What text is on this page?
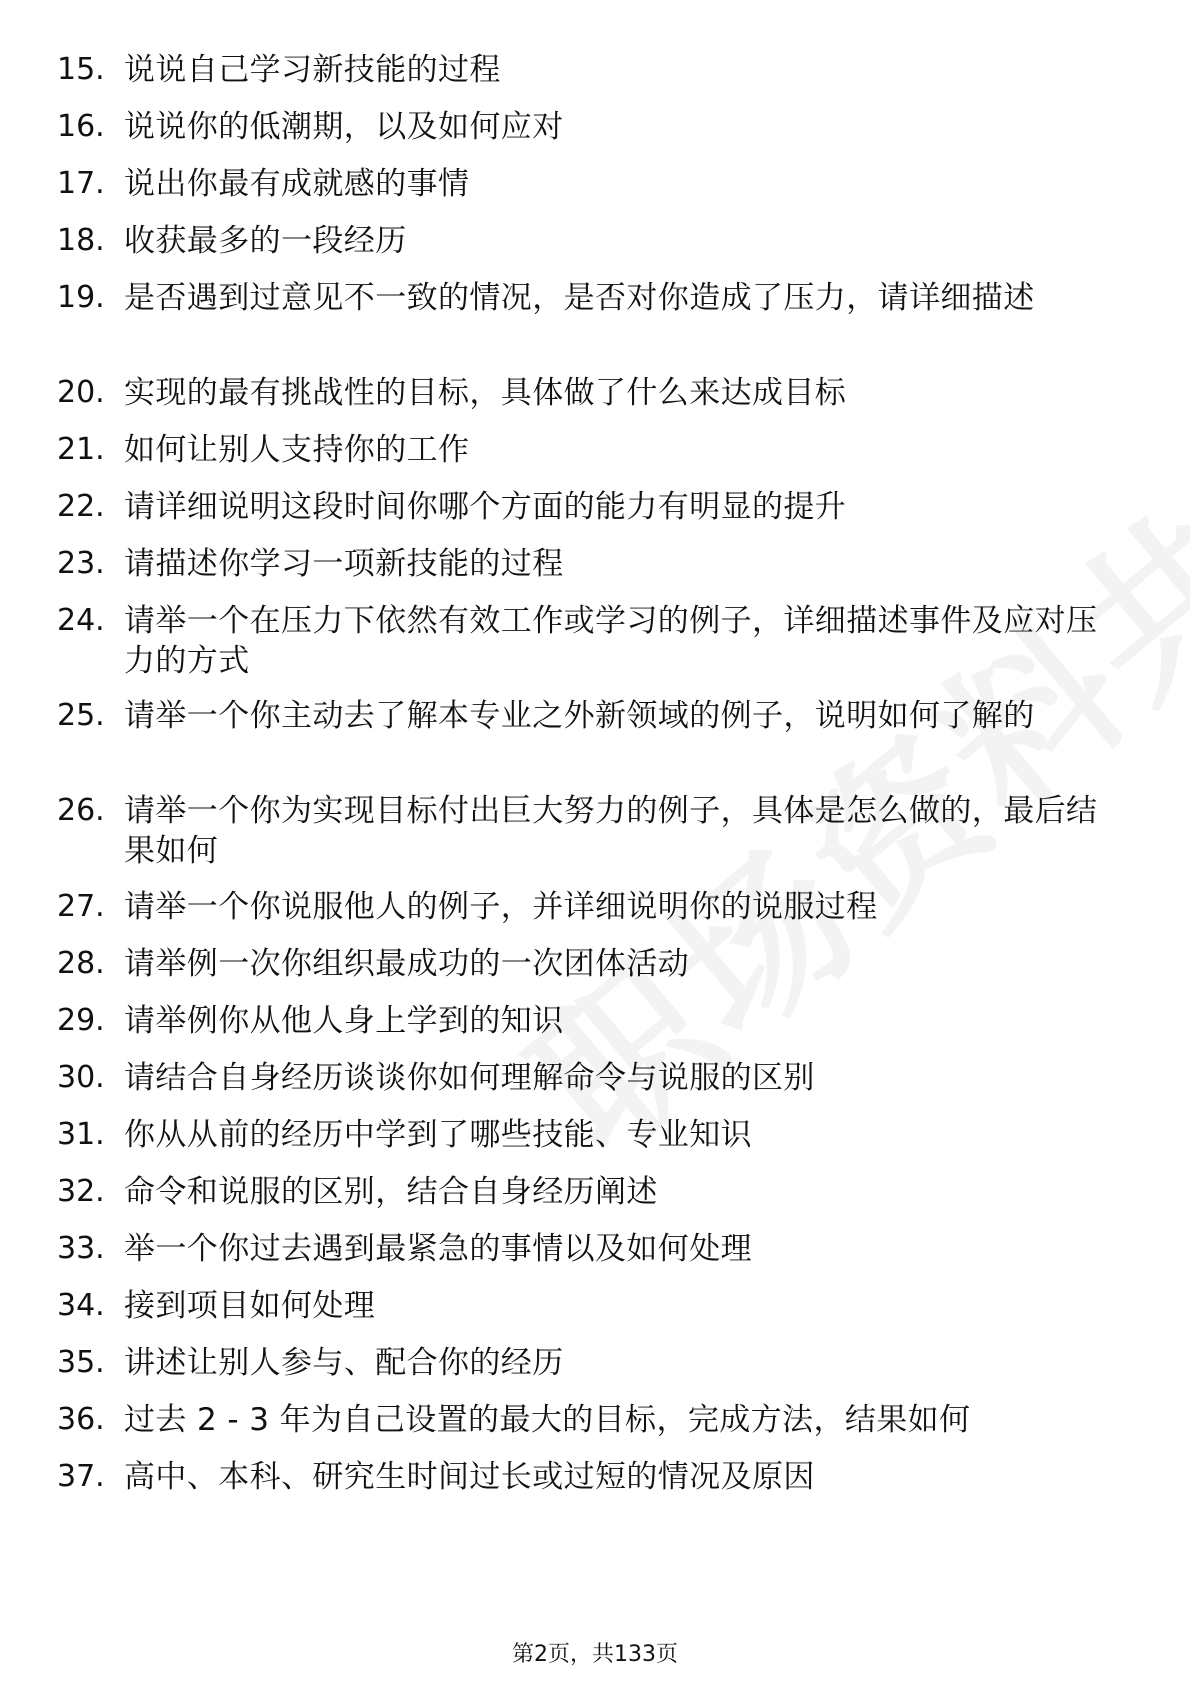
15. 说说自己学习新技能的过程
16. 说说你的低潮期，以及如何应对
17. 说出你最有成就感的事情
18. 收获最多的一段经历
19. 是否遇到过意见不一致的情况，是否对你造成了压力，请详细描述
20. 实现的最有挑战性的目标，具体做了什么来达成目标
21. 如何让别人支持你的工作
22. 请详细说明这段时间你哪个方面的能力有明显的提升
23. 请描述你学习一项新技能的过程
24. 请举一个在压力下依然有效工作或学习的例子，详细描述事件及应对压力的方式
25. 请举一个你主动去了解本专业之外新领域的例子，说明如何了解的
26. 请举一个你为实现目标付出巨大努力的例子，具体是怎么做的，最后结果如何
27. 请举一个你说服他人的例子，并详细说明你的说服过程
28. 请举例一次你组织最成功的一次团体活动
29. 请举例你从他人身上学到的知识
30. 请结合自身经历谈谈你如何理解命令与说服的区别
31. 你从从前的经历中学到了哪些技能、专业知识
32. 命令和说服的区别，结合自身经历阐述
33. 举一个你过去遇到最紧急的事情以及如何处理
34. 接到项目如何处理
35. 讲述让别人参与、配合你的经历
36. 过去 2 - 3 年为自己设置的最大的目标，完成方法，结果如何
37. 高中、本科、研究生时间过长或过短的情况及原因
第2页，共133页
